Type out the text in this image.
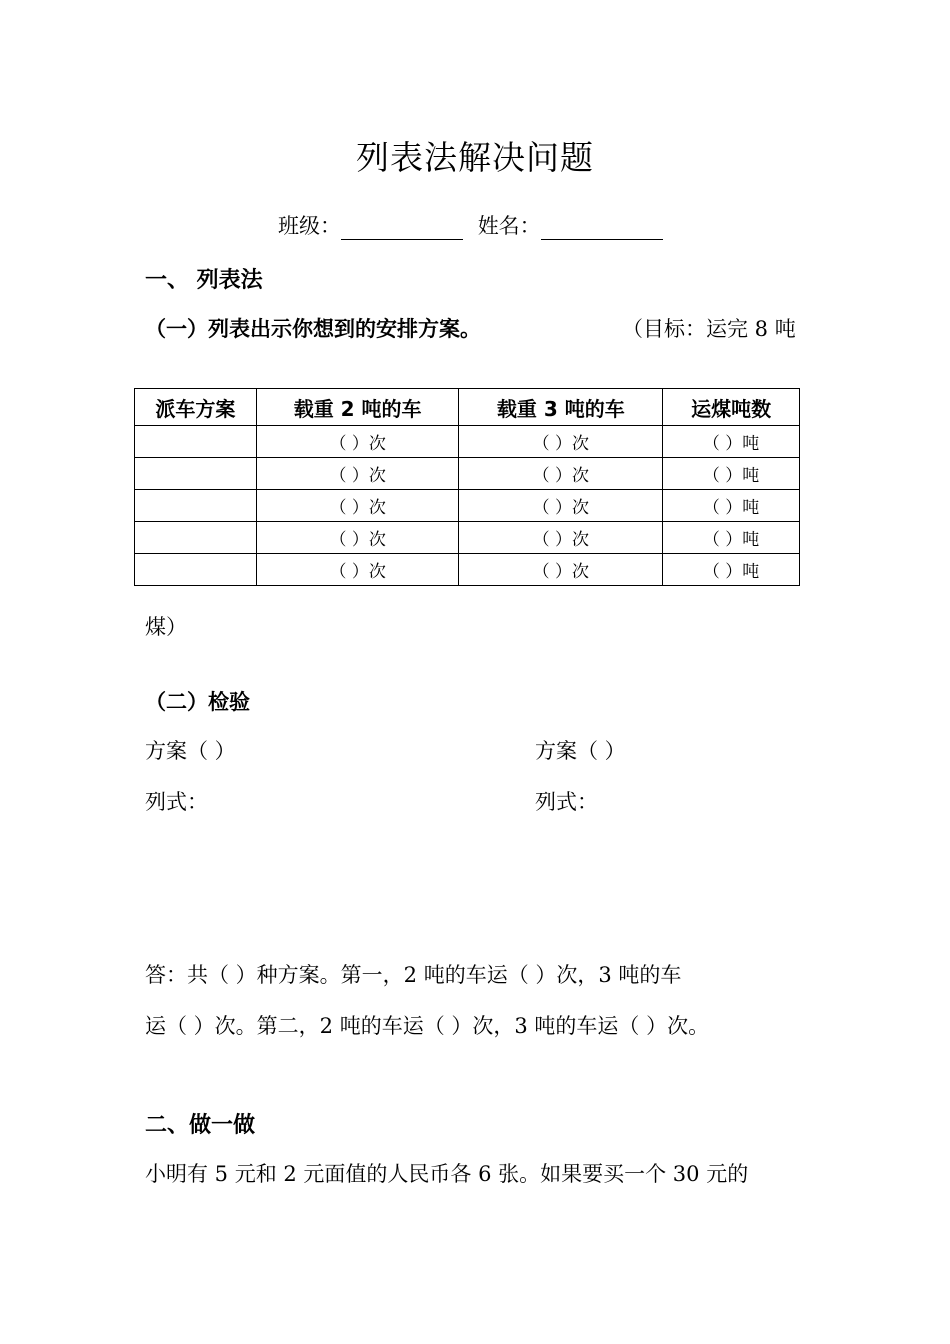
列表法解决问题
班级：	姓名：
一、 列表法
（一）列表出示你想到的安排方案。	（目标：运完 8 吨
派车方案	载重 2 吨的车	载重 3 吨的车	运煤吨数
	（ ）次	（ ）次	（ ）吨
	（ ）次	（ ）次	（ ）吨
	（ ）次	（ ）次	（ ）吨
	（ ）次	（ ）次	（ ）吨
	（ ）次	（ ）次	（ ）吨
煤）
（二）检验
方案（ ）	方案（ ）
列式：	列式：
答：共（ ）种方案。第一，2 吨的车运（ ）次，3 吨的车
运（ ）次。第二，2 吨的车运（ ）次，3 吨的车运（ ）次。
二、做一做
小明有 5 元和 2 元面值的人民币各 6 张。如果要买一个 30 元的
